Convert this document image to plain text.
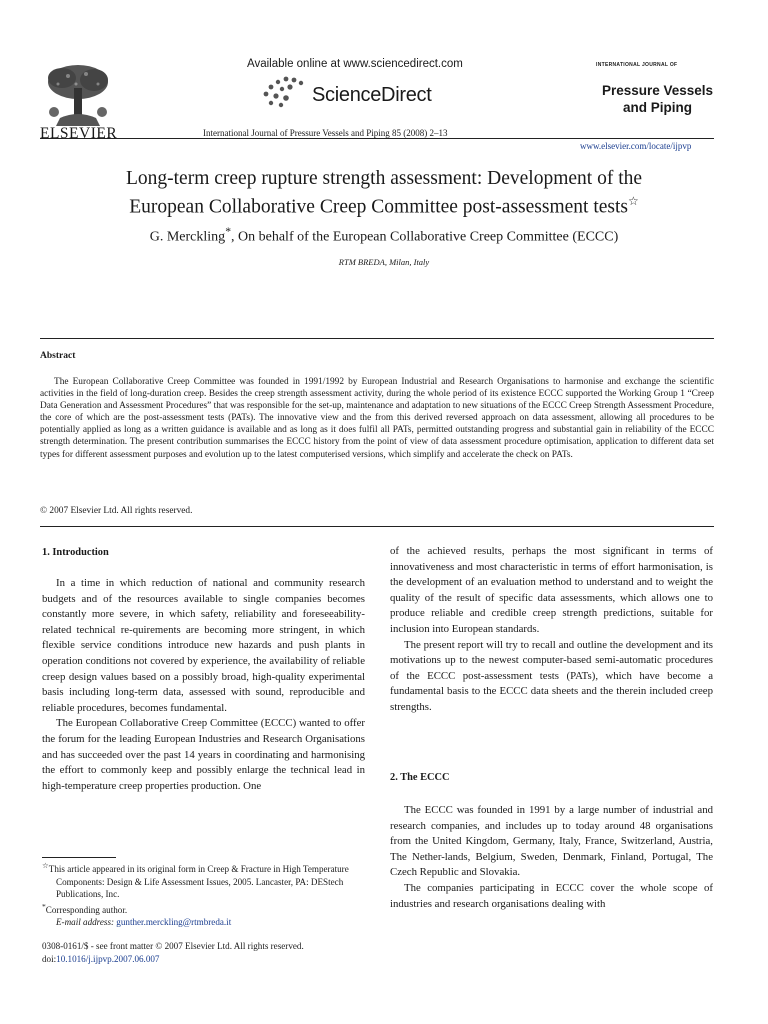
ELSEVIER
Available online at www.sciencedirect.com
ScienceDirect
International Journal of Pressure Vessels and Piping 85 (2008) 2–13
INTERNATIONAL JOURNAL OF
Pressure Vessels
and Piping
www.elsevier.com/locate/ijpvp
Long-term creep rupture strength assessment: Development of the
European Collaborative Creep Committee post-assessment tests☆
G. Merckling*, On behalf of the European Collaborative Creep Committee (ECCC)
RTM BREDA, Milan, Italy
Abstract
The European Collaborative Creep Committee was founded in 1991/1992 by European Industrial and Research Organisations to harmonise and exchange the scientific activities in the field of long-duration creep. Besides the creep strength assessment activity, during the whole period of its existence ECCC supported the Working Group 1 “Creep Data Generation and Assessment Procedures” that was responsible for the set-up, maintenance and adaptation to new situations of the ECCC Creep Strength Assessment Procedure, the core of which are the post-assessment tests (PATs). The innovative view and the from this derived reversed approach on data assessment, allowing all procedures to be potentially applied as long as a written guidance is available and as long as it does fulfil all PATs, permitted outstanding progress and substantial gain in reliability of the ECCC strength determination. The present contribution summarises the ECCC history from the point of view of data assessment procedure optimisation, application to different data set types for different assessment purposes and evolution up to the latest computerised versions, which simplify and accelerate the check on PATs.
© 2007 Elsevier Ltd. All rights reserved.
1. Introduction

In a time in which reduction of national and community research budgets and of the resources available to single companies becomes constantly more severe, in which safety, reliability and foreseeability-related technical re-quirements are becoming more stringent, in which flexible service conditions introduce new hazards and push plants in operation conditions not covered by experience, the availability of reliable creep design values based on a possibly broad, high-quality experimental basis including long-term data, assessed with sound, reproducible and reliable procedures, becomes fundamental.

The European Collaborative Creep Committee (ECCC) wanted to offer the forum for the leading European Industries and Research Organisations and has succeeded over the past 14 years in coordinating and harmonising the effort to commonly keep and possibly enlarge the technical lead in high-temperature creep properties production. One

☆This article appeared in its original form in Creep & Fracture in High Temperature Components: Design & Life Assessment Issues, 2005. Lancaster, PA: DEStech Publications, Inc.

*Corresponding author.

E-mail address: gunther.merckling@rtmbreda.it

0308-0161/$ - see front matter © 2007 Elsevier Ltd. All rights reserved.
doi:10.1016/j.ijpvp.2007.06.007

of the achieved results, perhaps the most significant in terms of innovativeness and most characteristic in terms of effort harmonisation, is the development of an evaluation method to understand and to weight the quality of the result of specific data assessments, which allows one to produce reliable and credible creep strength predictions, suitable for inclusion into European standards.

The present report will try to recall and outline the development and its motivations up to the newest computer-based semi-automatic procedures of the ECCC post-assessment tests (PATs), which have become a fundamental basis to the ECCC data sheets and the therein included creep strengths.

2. The ECCC

The ECCC was founded in 1991 by a large number of industrial and research companies, and includes up to today around 48 organisations from the United Kingdom, Germany, Italy, France, Switzerland, Austria, The Nether-lands, Belgium, Sweden, Denmark, Finland, Portugal, The Czech Republic and Slovakia.

The companies participating in ECCC cover the whole scope of industries and research organisations dealing with
